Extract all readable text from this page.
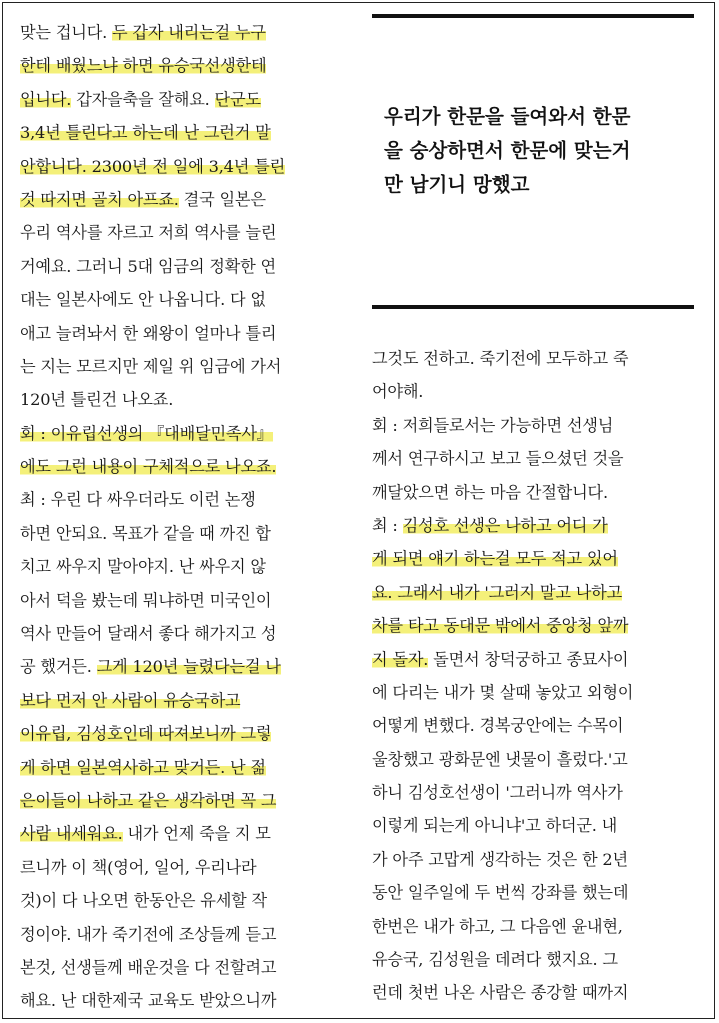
맞는 겁니다. 두 갑자 내리는걸 누구
한테 배웠느냐 하면 유승국선생한테
입니다. 갑자을축을 잘해요. 단군도
3,4년 틀린다고 하는데 난 그런거 말
안합니다. 2300년 전 일에 3,4년 틀린
것 따지면 골치 아프죠. 결국 일본은
우리 역사를 자르고 저희 역사를 늘린
거예요. 그러니 5대 임금의 정확한 연
대는 일본사에도 안 나옵니다. 다 없
애고 늘려놔서 한 왜왕이 얼마나 틀리
는 지는 모르지만 제일 위 임금에 가서
120년 틀린건 나오죠.
회 : 이유립선생의 『대배달민족사』
에도 그런 내용이 구체적으로 나오죠.
최 : 우린 다 싸우더라도 이런 논쟁
하면 안되요. 목표가 같을 때 까진 합
치고 싸우지 말아야지. 난 싸우지 않
아서 덕을 봤는데 뭐냐하면 미국인이
역사 만들어 달래서 좋다 해가지고 성
공 했거든. 그게 120년 늘렸다는걸 나
보다 먼저 안 사람이 유승국하고
이유립, 김성호인데 따져보니까 그렇
게 하면 일본역사하고 맞거든. 난 젊
은이들이 나하고 같은 생각하면 꼭 그
사람 내세워요. 내가 언제 죽을 지 모
르니까 이 책(영어, 일어, 우리나라
것)이 다 나오면 한동안은 유세할 작
정이야. 내가 죽기전에 조상들께 듣고
본것, 선생들께 배운것을 다 전할려고
해요. 난 대한제국 교육도 받았으니까
우리가 한문을 들여와서 한문
을 숭상하면서 한문에 맞는거
만 남기니 망했고
그것도 전하고. 죽기전에 모두하고 죽
어야해.
회 : 저희들로서는 가능하면 선생님
께서 연구하시고 보고 들으셨던 것을
깨달았으면 하는 마음 간절합니다.
최 : 김성호 선생은 나하고 어디 가
게 되면 얘기 하는걸 모두 적고 있어
요. 그래서 내가 '그러지 말고 나하고
차를 타고 동대문 밖에서 중앙청 앞까
지 돌자. 돌면서 창덕궁하고 종묘사이
에 다리는 내가 몇 살때 놓았고 외형이
어떻게 변했다. 경복궁안에는 수목이
울창했고 광화문엔 냇물이 흘렀다.'고
하니 김성호선생이 '그러니까 역사가
이렇게 되는게 아니냐'고 하더군. 내
가 아주 고맙게 생각하는 것은 한 2년
동안 일주일에 두 번씩 강좌를 했는데
한번은 내가 하고, 그 다음엔 윤내현,
유승국, 김성원을 데려다 했지요. 그
런데 첫번 나온 사람은 종강할 때까지
